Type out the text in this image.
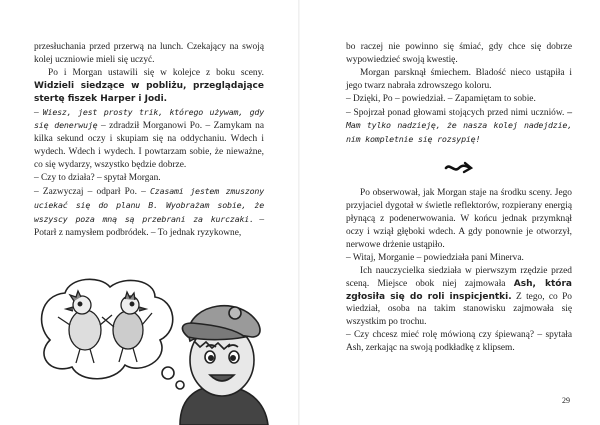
przesłuchania przed przerwą na lunch. Czekający na swoją kolej uczniowie mieli się uczyć.

Po i Morgan ustawili się w kolejce z boku sceny. Widzieli siedzące w pobliżu, przeglądające stertę fiszek Harper i Jodi.

– Wiesz, jest prosty trik, którego używam, gdy się denerwuję – zdradził Morganowi Po. – Zamykam na kilka sekund oczy i skupiam się na oddychaniu. Wdech i wydech. Wdech i wydech. I powtarzam sobie, że nieważne, co się wydarzy, wszystko będzie dobrze.

– Czy to działa? – spytał Morgan.

– Zazwyczaj – odparł Po. – Czasami jestem zmuszony uciekać się do planu B. Wyobrażam sobie, że wszyscy poza mną są przebrani za kurczaki. – Potarł z namysłem podbródek. – To jednak ryzykowne,

bo raczej nie powinno się śmiać, gdy chce się dobrze wypowiedzieć swoją kwestię.

Morgan parsknął śmiechem. Bladość nieco ustąpiła i jego twarz nabrała zdrowszego koloru.

– Dzięki, Po – powiedział. – Zapamiętam to sobie.

– Spojrzał ponad głowami stojących przed nimi uczniów. – Mam tylko nadzieję, że nasza kolej nadejdzie, nim kompletnie się rozsypię!

Po obserwował, jak Morgan staje na środku sceny. Jego przyjaciel dygotał w świetle reflektorów, rozpierany energią płynącą z podenerwowania. W końcu jednak przymknął oczy i wziął głęboki wdech. A gdy ponownie je otworzył, nerwowe drżenie ustąpiło.

– Witaj, Morganie – powiedziała pani Minerva.

Ich nauczycielka siedziała w pierwszym rzędzie przed sceną. Miejsce obok niej zajmowała Ash, która zgłosiła się do roli inspicjentki. Z tego, co Po wiedział, osoba na takim stanowisku zajmowała się wszystkim po trochu.

– Czy chcesz mieć rolę mówioną czy śpiewaną? – spytała Ash, zerkając na swoją podkładkę z klipsem.

29
